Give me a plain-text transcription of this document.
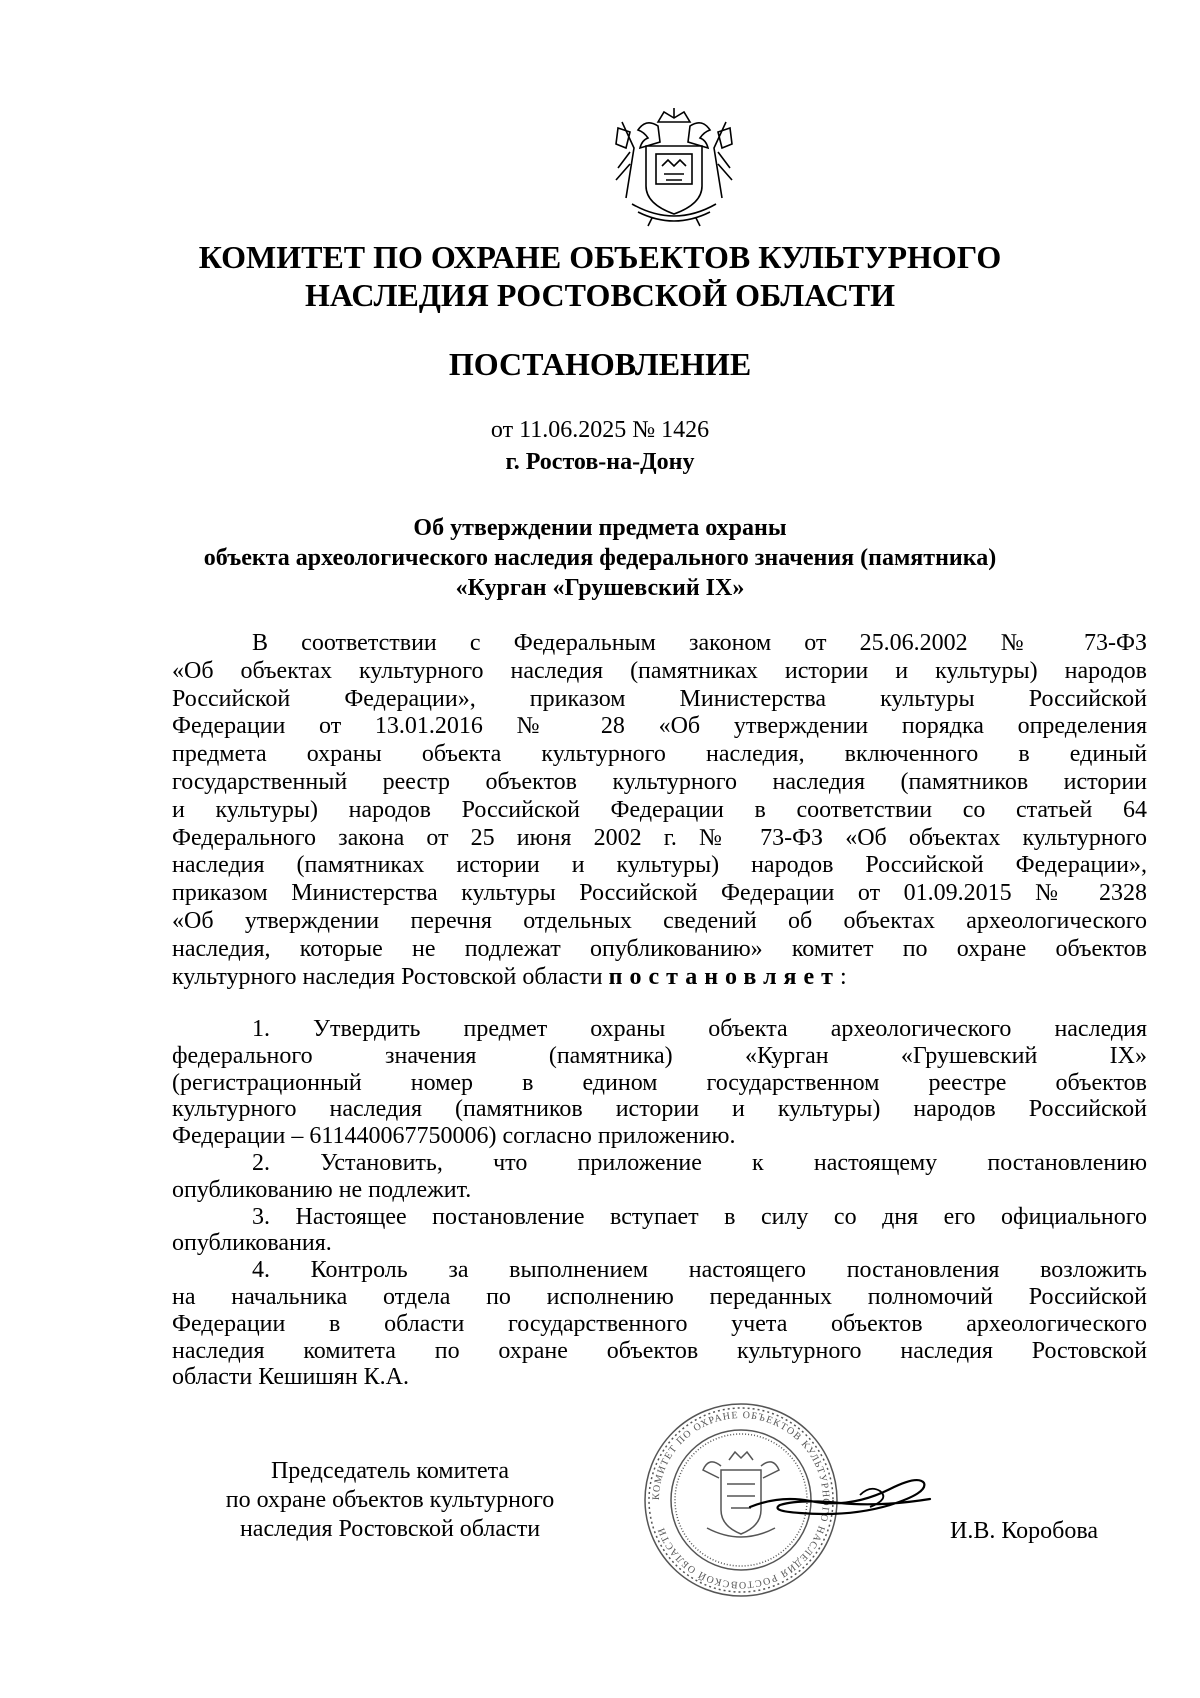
КОМИТЕТ ПО ОХРАНЕ ОБЪЕКТОВ КУЛЬТУРНОГО
НАСЛЕДИЯ РОСТОВСКОЙ ОБЛАСТИ
ПОСТАНОВЛЕНИЕ
от 11.06.2025 № 1426
г. Ростов-на-Дону
Об утверждении предмета охраны
объекта археологического наследия федерального значения (памятника)
«Курган «Грушевский IX»
В соответствии с Федеральным законом от 25.06.2002 № 73-ФЗ
«Об объектах культурного наследия (памятниках истории и культуры) народов
Российской Федерации», приказом Министерства культуры Российской
Федерации от 13.01.2016 № 28 «Об утверждении порядка определения
предмета охраны объекта культурного наследия, включенного в единый
государственный реестр объектов культурного наследия (памятников истории
и культуры) народов Российской Федерации в соответствии со статьей 64
Федерального закона от 25 июня 2002 г. № 73-ФЗ «Об объектах культурного
наследия (памятниках истории и культуры) народов Российской Федерации»,
приказом Министерства культуры Российской Федерации от 01.09.2015 № 2328
«Об утверждении перечня отдельных сведений об объектах археологического
наследия, которые не подлежат опубликованию» комитет по охране объектов
культурного наследия Ростовской области постановляет:
1. Утвердить предмет охраны объекта археологического наследия
федерального значения (памятника) «Курган «Грушевский IX»
(регистрационный номер в едином государственном реестре объектов
культурного наследия (памятников истории и культуры) народов Российской
Федерации – 611440067750006) согласно приложению.
2. Установить, что приложение к настоящему постановлению
опубликованию не подлежит.
3. Настоящее постановление вступает в силу со дня его официального
опубликования.
4. Контроль за выполнением настоящего постановления возложить
на начальника отдела по исполнению переданных полномочий Российской
Федерации в области государственного учета объектов археологического
наследия комитета по охране объектов культурного наследия Ростовской
области Кешишян К.А.
Председатель комитета
по охране объектов культурного
наследия Ростовской области
КОМИТЕТ ПО ОХРАНЕ ОБЪЕКТОВ КУЛЬТУРНОГО НАСЛЕДИЯ РОСТОВСКОЙ ОБЛАСТИ	И.В. Коробова
